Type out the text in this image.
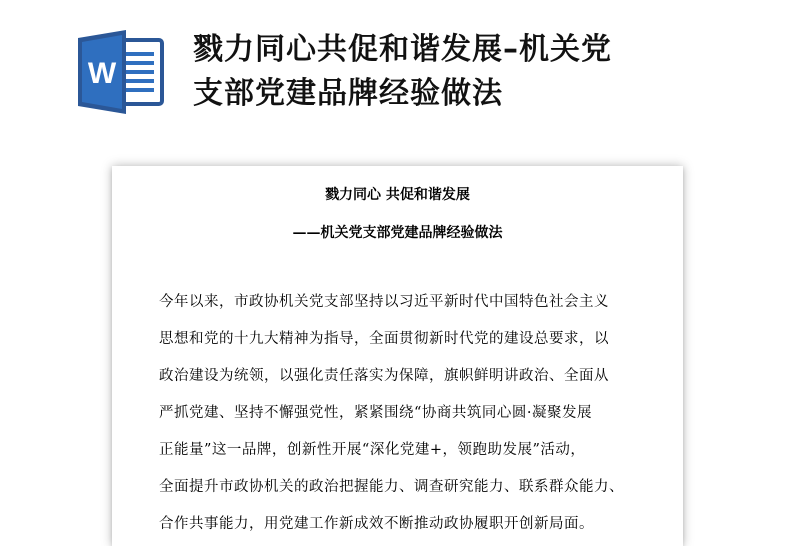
W
戮力同心共促和谐发展–机关党
支部党建品牌经验做法
戮力同心 共促和谐发展
——机关党支部党建品牌经验做法
今年以来，市政协机关党支部坚持以习近平新时代中国特色社会主义
思想和党的十九大精神为指导，全面贯彻新时代党的建设总要求，以
政治建设为统领，以强化责任落实为保障，旗帜鲜明讲政治、全面从
严抓党建、坚持不懈强党性，紧紧围绕“协商共筑同心圆·凝聚发展
正能量”这一品牌，创新性开展“深化党建+，领跑助发展”活动，
全面提升市政协机关的政治把握能力、调查研究能力、联系群众能力、
合作共事能力，用党建工作新成效不断推动政协履职开创新局面。
